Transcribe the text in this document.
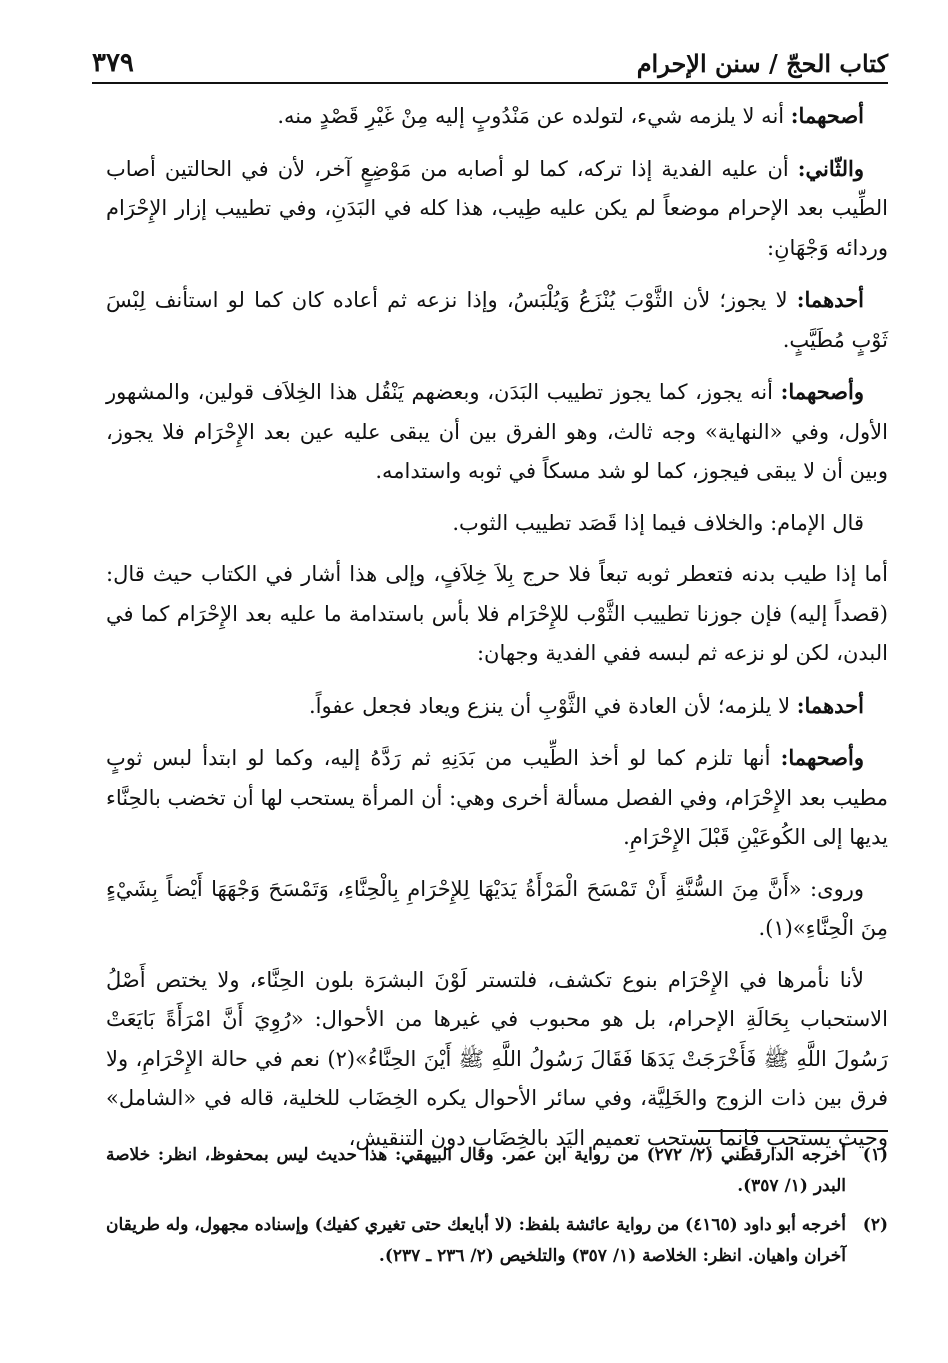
كتاب الحجّ / سنن الإحرام
٣٧٩

أصحهما: أنه لا يلزمه شيء، لتولده عن مَنْدُوبٍ إليه مِنْ غَيْرِ قَصْدٍ منه.

والثّاني: أن عليه الفدية إذا تركه، كما لو أصابه من مَوْضِعٍ آخر، لأن في الحالتين أصاب الطِّيب بعد الإحرام موضعاً لم يكن عليه طِيب، هذا كله في البَدَنِ، وفي تطييب إزار الإِحْرَام وردائه وَجْهَانِ:

أحدهما: لا يجوز؛ لأن الثَّوْبَ يُنْزَعُ وَيُلْبَسُ، وإذا نزعه ثم أعاده كان كما لو استأنف لِبْسَ ثَوْبٍ مُطَيَّبٍ.

وأصحهما: أنه يجوز، كما يجوز تطييب البَدَن، وبعضهم يَنْقُل هذا الخِلاَف قولين، والمشهور الأول، وفي «النهاية» وجه ثالث، وهو الفرق بين أن يبقى عليه عين بعد الإِحْرَام فلا يجوز، وبين أن لا يبقى فيجوز، كما لو شد مسكاً في ثوبه واستدامه.

قال الإمام: والخلاف فيما إذا قَصَد تطييب الثوب.

أما إذا طيب بدنه فتعطر ثوبه تبعاً فلا حرج بِلاَ خِلاَفٍ، وإلى هذا أشار في الكتاب حيث قال: (قصداً إليه) فإن جوزنا تطييب الثَّوْب للإِحْرَام فلا بأس باستدامة ما عليه بعد الإِحْرَام كما في البدن، لكن لو نزعه ثم لبسه ففي الفدية وجهان:

أحدهما: لا يلزمه؛ لأن العادة في الثَّوْبِ أن ينزع ويعاد فجعل عفواً.

وأصحهما: أنها تلزم كما لو أخذ الطِّيب من بَدَنِهِ ثم رَدَّهُ إليه، وكما لو ابتدأ لبس ثوبٍ مطيب بعد الإِحْرَام، وفي الفصل مسألة أخرى وهي: أن المرأة يستحب لها أن تخضب بالحِنَّاء يديها إلى الكُوعَيْنِ قَبْلَ الإِحْرَامِ.

وروى: «أَنَّ مِنَ السُّنَّةِ أَنْ تَمْسَحَ الْمَرْأَةُ يَدَيْهَا لِلإِحْرَامِ بِالْحِنَّاءِ، وَتَمْسَحَ وَجْهَهَا أَيْضاً بِشَيْءٍ مِنَ الْحِنَّاءِ»(١).

لأنا نأمرها في الإِحْرَام بنوع تكشف، فلتستر لَوْنَ البشرَة بلون الحِنَّاء، ولا يختص أَصْلُ الاستحباب بِحَالَةِ الإحرام، بل هو محبوب في غيرها من الأحوال: «رُوِيَ أَنَّ امْرَأَةً بَايَعَتْ رَسُولَ اللَّهِ ﷺ فَأَخْرَجَتْ يَدَهَا فَقَالَ رَسُولُ اللَّهِ ﷺ أَيْنَ الحِنَّاءُ»(٢) نعم في حالة الإِحْرَامِ، ولا فرق بين ذات الزوج والخَلِيَّة، وفي سائر الأحوال يكره الخِضَاب للخلية، قاله في «الشامل» وحيث يستحب فإنما يستحب تعميم اليَد بالخِضَابِ دون التنقيش،

(١)
أخرجه الدارقطني (٢/ ٢٧٢) من رواية ابن عمر. وقال البيهقي: هذا حديث ليس بمحفوظ، انظر: خلاصة البدر (١/ ٣٥٧).
(٢)
أخرجه أبو داود (٤١٦٥) من رواية عائشة بلفظ: (لا أبايعك حتى تغيري كفيك) وإسناده مجهول، وله طريقان آخران واهيان. انظر: الخلاصة (١/ ٣٥٧) والتلخيص (٢/ ٢٣٦ ـ ٢٣٧).
